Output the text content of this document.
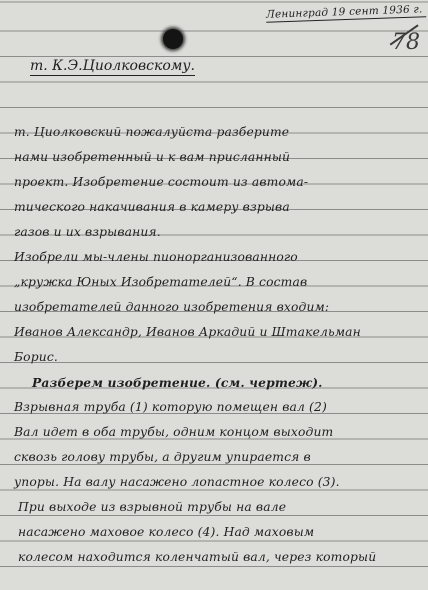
Ленинград 19 сент 1936 г.
78
т. К.Э.Циолковскому.
т. Циолковский пожалуйста разберите
нами изобретенный и к вам присланный
проект. Изобретение состоит из автома-
тического накачивания в камеру взрыва
газов и их взрывания.
Изобрели мы-члены пионорганизованного
„кружка Юных Изобретателей“. В состав
изобретателей данного изобретения входим:
Иванов Александр, Иванов Аркадий и Штакельман
Борис.
Разберем изобретение. (см. чертеж).
Взрывная труба (1) которую помещен вал (2)
Вал идет в оба трубы, одним концом выходит
сквозь голову трубы, а другим упирается в
упоры. На валу насажено лопастное колесо (3).
При выходе из взрывной трубы на вале
насажено маховое колесо (4). Над маховым
колесом находится коленчатый вал, через который
